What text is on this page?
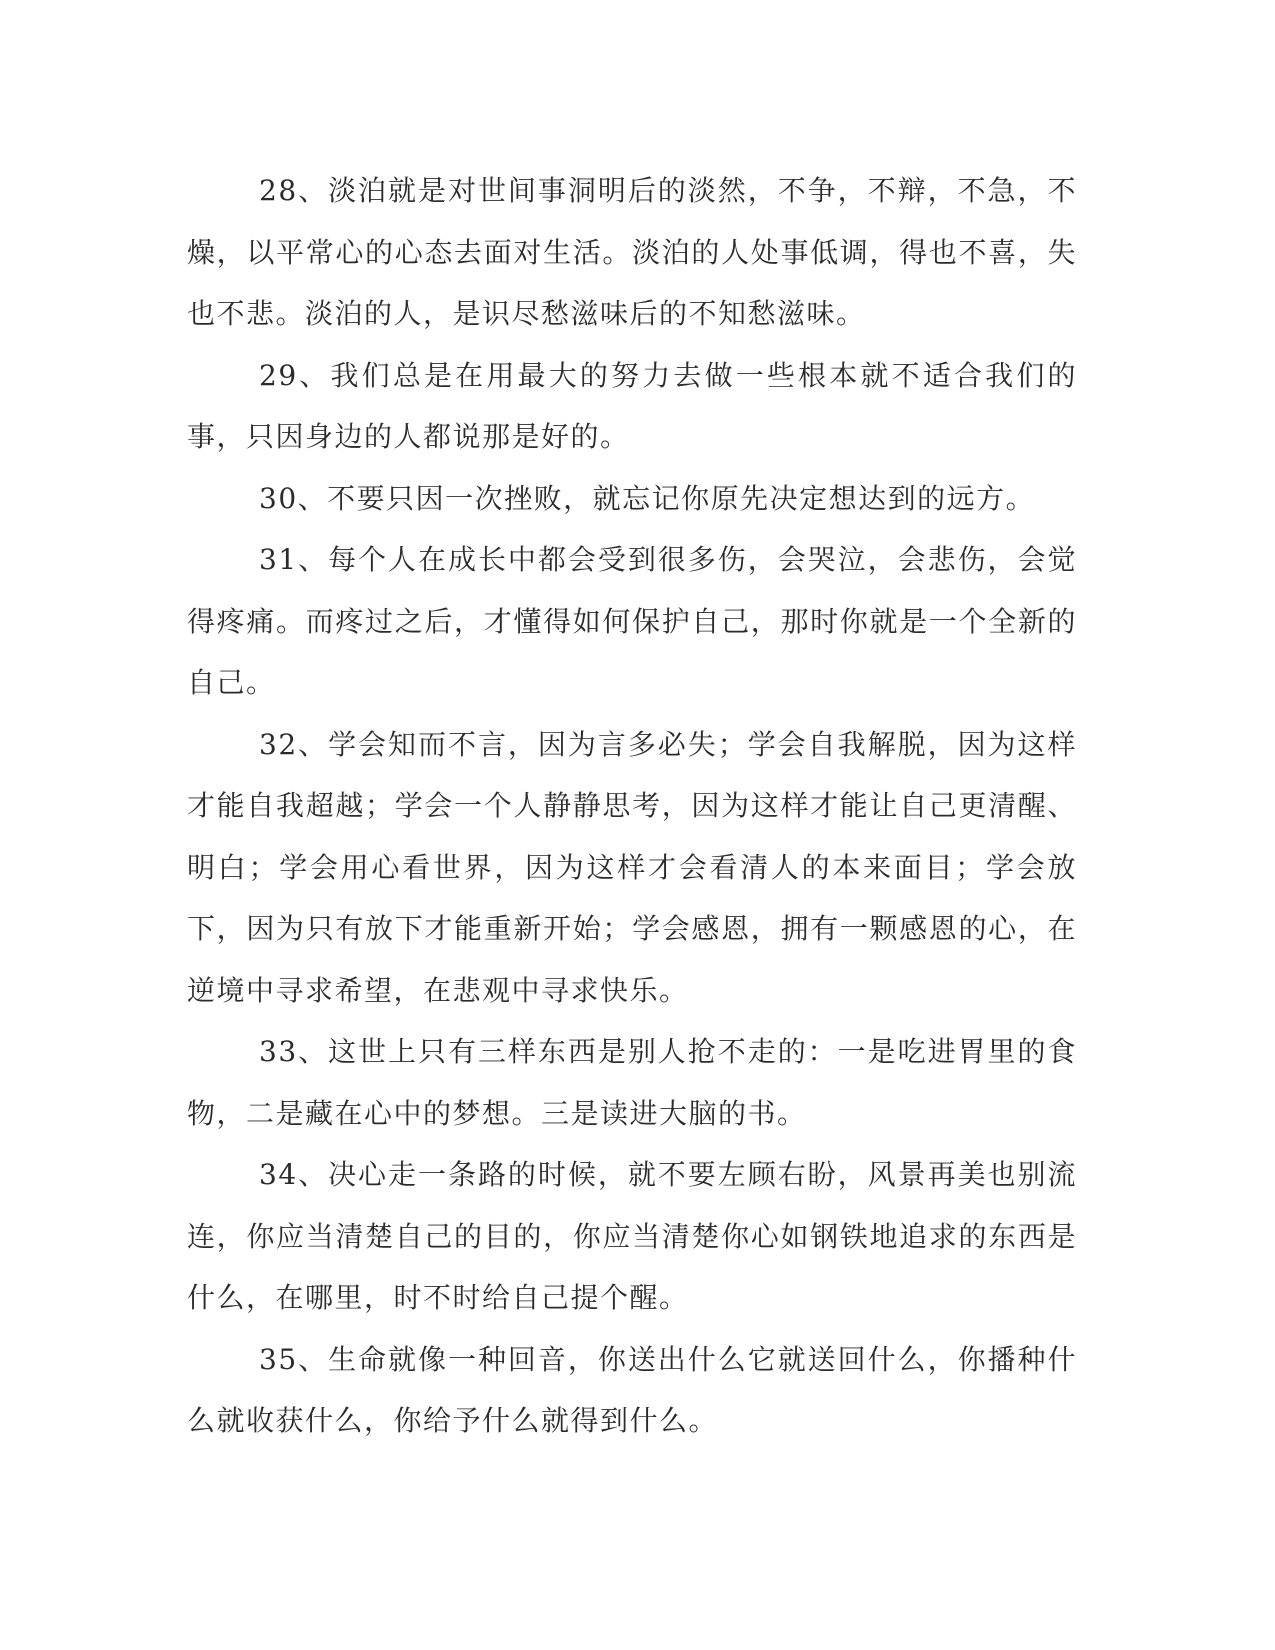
28、淡泊就是对世间事洞明后的淡然，不争，不辩，不急，不燥，以平常心的心态去面对生活。淡泊的人处事低调，得也不喜，失也不悲。淡泊的人，是识尽愁滋味后的不知愁滋味。

29、我们总是在用最大的努力去做一些根本就不适合我们的事，只因身边的人都说那是好的。

30、不要只因一次挫败，就忘记你原先决定想达到的远方。

31、每个人在成长中都会受到很多伤，会哭泣，会悲伤，会觉得疼痛。而疼过之后，才懂得如何保护自己，那时你就是一个全新的自己。

32、学会知而不言，因为言多必失；学会自我解脱，因为这样才能自我超越；学会一个人静静思考，因为这样才能让自己更清醒、明白；学会用心看世界，因为这样才会看清人的本来面目；学会放下，因为只有放下才能重新开始；学会感恩，拥有一颗感恩的心，在逆境中寻求希望，在悲观中寻求快乐。

33、这世上只有三样东西是别人抢不走的：一是吃进胃里的食物，二是藏在心中的梦想。三是读进大脑的书。

34、决心走一条路的时候，就不要左顾右盼，风景再美也别流连，你应当清楚自己的目的，你应当清楚你心如钢铁地追求的东西是什么，在哪里，时不时给自己提个醒。

35、生命就像一种回音，你送出什么它就送回什么，你播种什么就收获什么，你给予什么就得到什么。
